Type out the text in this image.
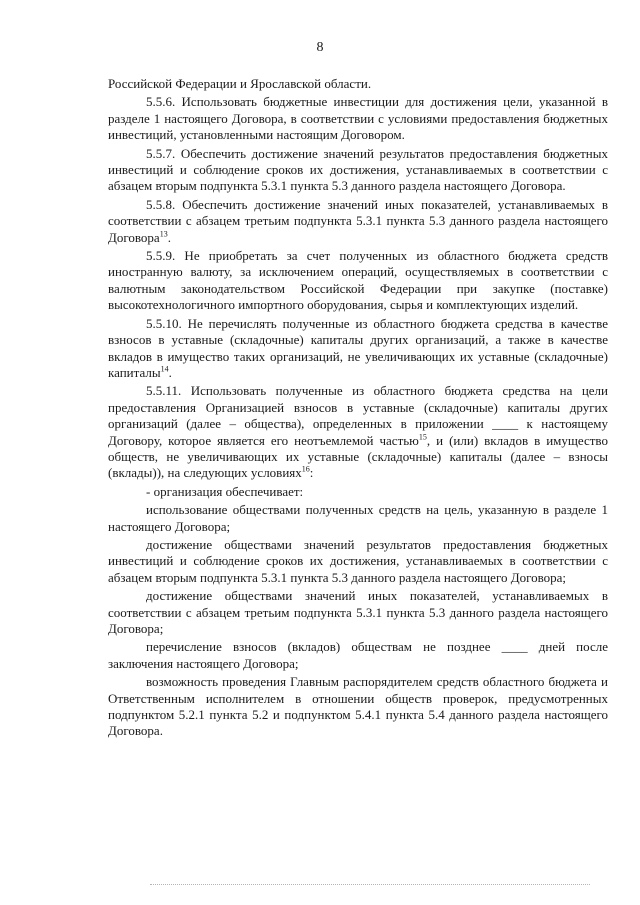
8

Российской Федерации и Ярославской области.

5.5.6. Использовать бюджетные инвестиции для достижения цели, указанной в разделе 1 настоящего Договора, в соответствии с условиями предоставления бюджетных инвестиций, установленными настоящим Договором.

5.5.7. Обеспечить достижение значений результатов предоставления бюджетных инвестиций и соблюдение сроков их достижения, устанавливаемых в соответствии с абзацем вторым подпункта 5.3.1 пункта 5.3 данного раздела настоящего Договора.

5.5.8. Обеспечить достижение значений иных показателей, устанавливаемых в соответствии с абзацем третьим подпункта 5.3.1 пункта 5.3 данного раздела настоящего Договора$^{13}$.

5.5.9. Не приобретать за счет полученных из областного бюджета средств иностранную валюту, за исключением операций, осуществляемых в соответствии с валютным законодательством Российской Федерации при закупке (поставке) высокотехнологичного импортного оборудования, сырья и комплектующих изделий.

5.5.10. Не перечислять полученные из областного бюджета средства в качестве взносов в уставные (складочные) капиталы других организаций, а также в качестве вкладов в имущество таких организаций, не увеличивающих их уставные (складочные) капиталы$^{14}$.

5.5.11. Использовать полученные из областного бюджета средства на цели предоставления Организацией взносов в уставные (складочные) капиталы других организаций (далее – общества), определенных в приложении ____ к настоящему Договору, которое является его неотъемлемой частью$^{15}$, и (или) вкладов в имущество обществ, не увеличивающих их уставные (складочные) капиталы (далее – взносы (вклады)), на следующих условиях$^{16}$:

- организация обеспечивает:

использование обществами полученных средств на цель, указанную в разделе 1 настоящего Договора;

достижение обществами значений результатов предоставления бюджетных инвестиций и соблюдение сроков их достижения, устанавливаемых в соответствии с абзацем вторым подпункта 5.3.1 пункта 5.3 данного раздела настоящего Договора;

достижение обществами значений иных показателей, устанавливаемых в соответствии с абзацем третьим подпункта 5.3.1 пункта 5.3 данного раздела настоящего Договора;

перечисление взносов (вкладов) обществам не позднее ____ дней после заключения настоящего Договора;

возможность проведения Главным распорядителем средств областного бюджета и Ответственным исполнителем в отношении обществ проверок, предусмотренных подпунктом 5.2.1 пункта 5.2 и подпунктом 5.4.1 пункта 5.4 данного раздела настоящего Договора.
